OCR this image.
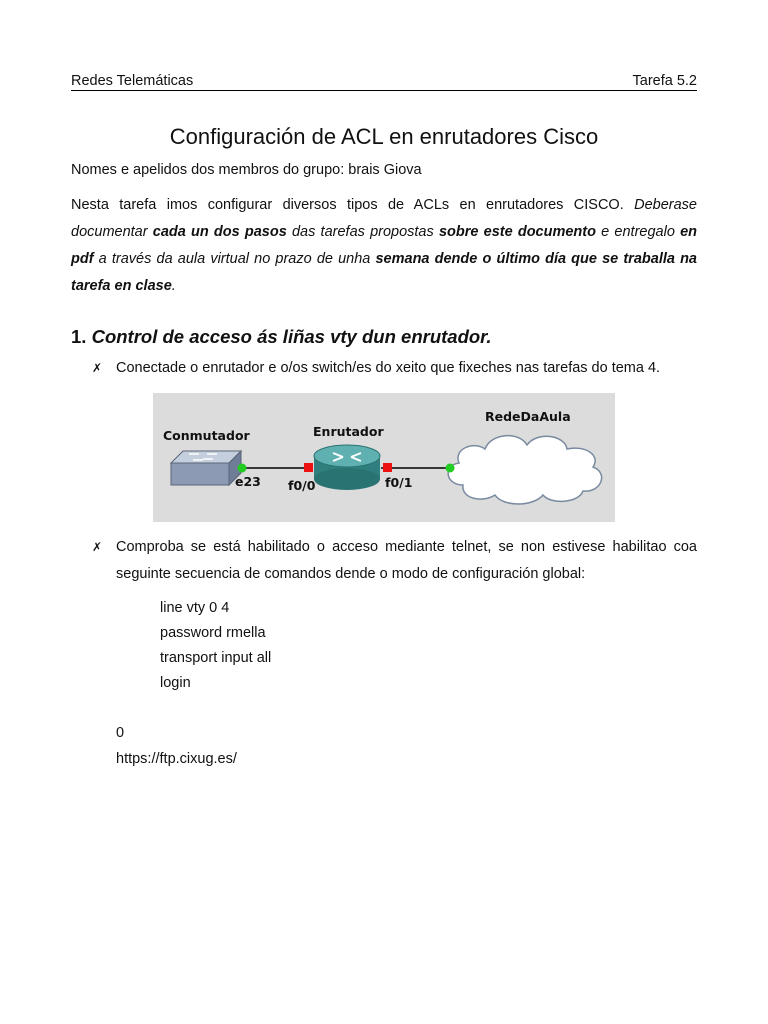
Redes Telemáticas	Tarefa 5.2
Configuración de ACL en enrutadores Cisco
Nomes e apelidos dos membros do grupo: brais Giova
Nesta tarefa imos configurar diversos tipos de ACLs en enrutadores CISCO. Deberase documentar cada un dos pasos das tarefas propostas sobre este documento e entregalo en pdf a través da aula virtual no prazo de unha semana dende o último día que se traballa na tarefa en clase.
1. Control de acceso ás liñas vty dun enrutador.
✗ Conectade o enrutador e o/os switch/es do xeito que fixeches nas tarefas do tema 4.
Conmutador	Enrutador
RedeDaAula
e23 f0/0	f0/1
✗ Comproba se está habilitado o acceso mediante telnet, se non estivese habilitao coa seguinte secuencia de comandos dende o modo de configuración global:
line vty 0 4
password rmella
transport input all
login
0
https://ftp.cixug.es/
